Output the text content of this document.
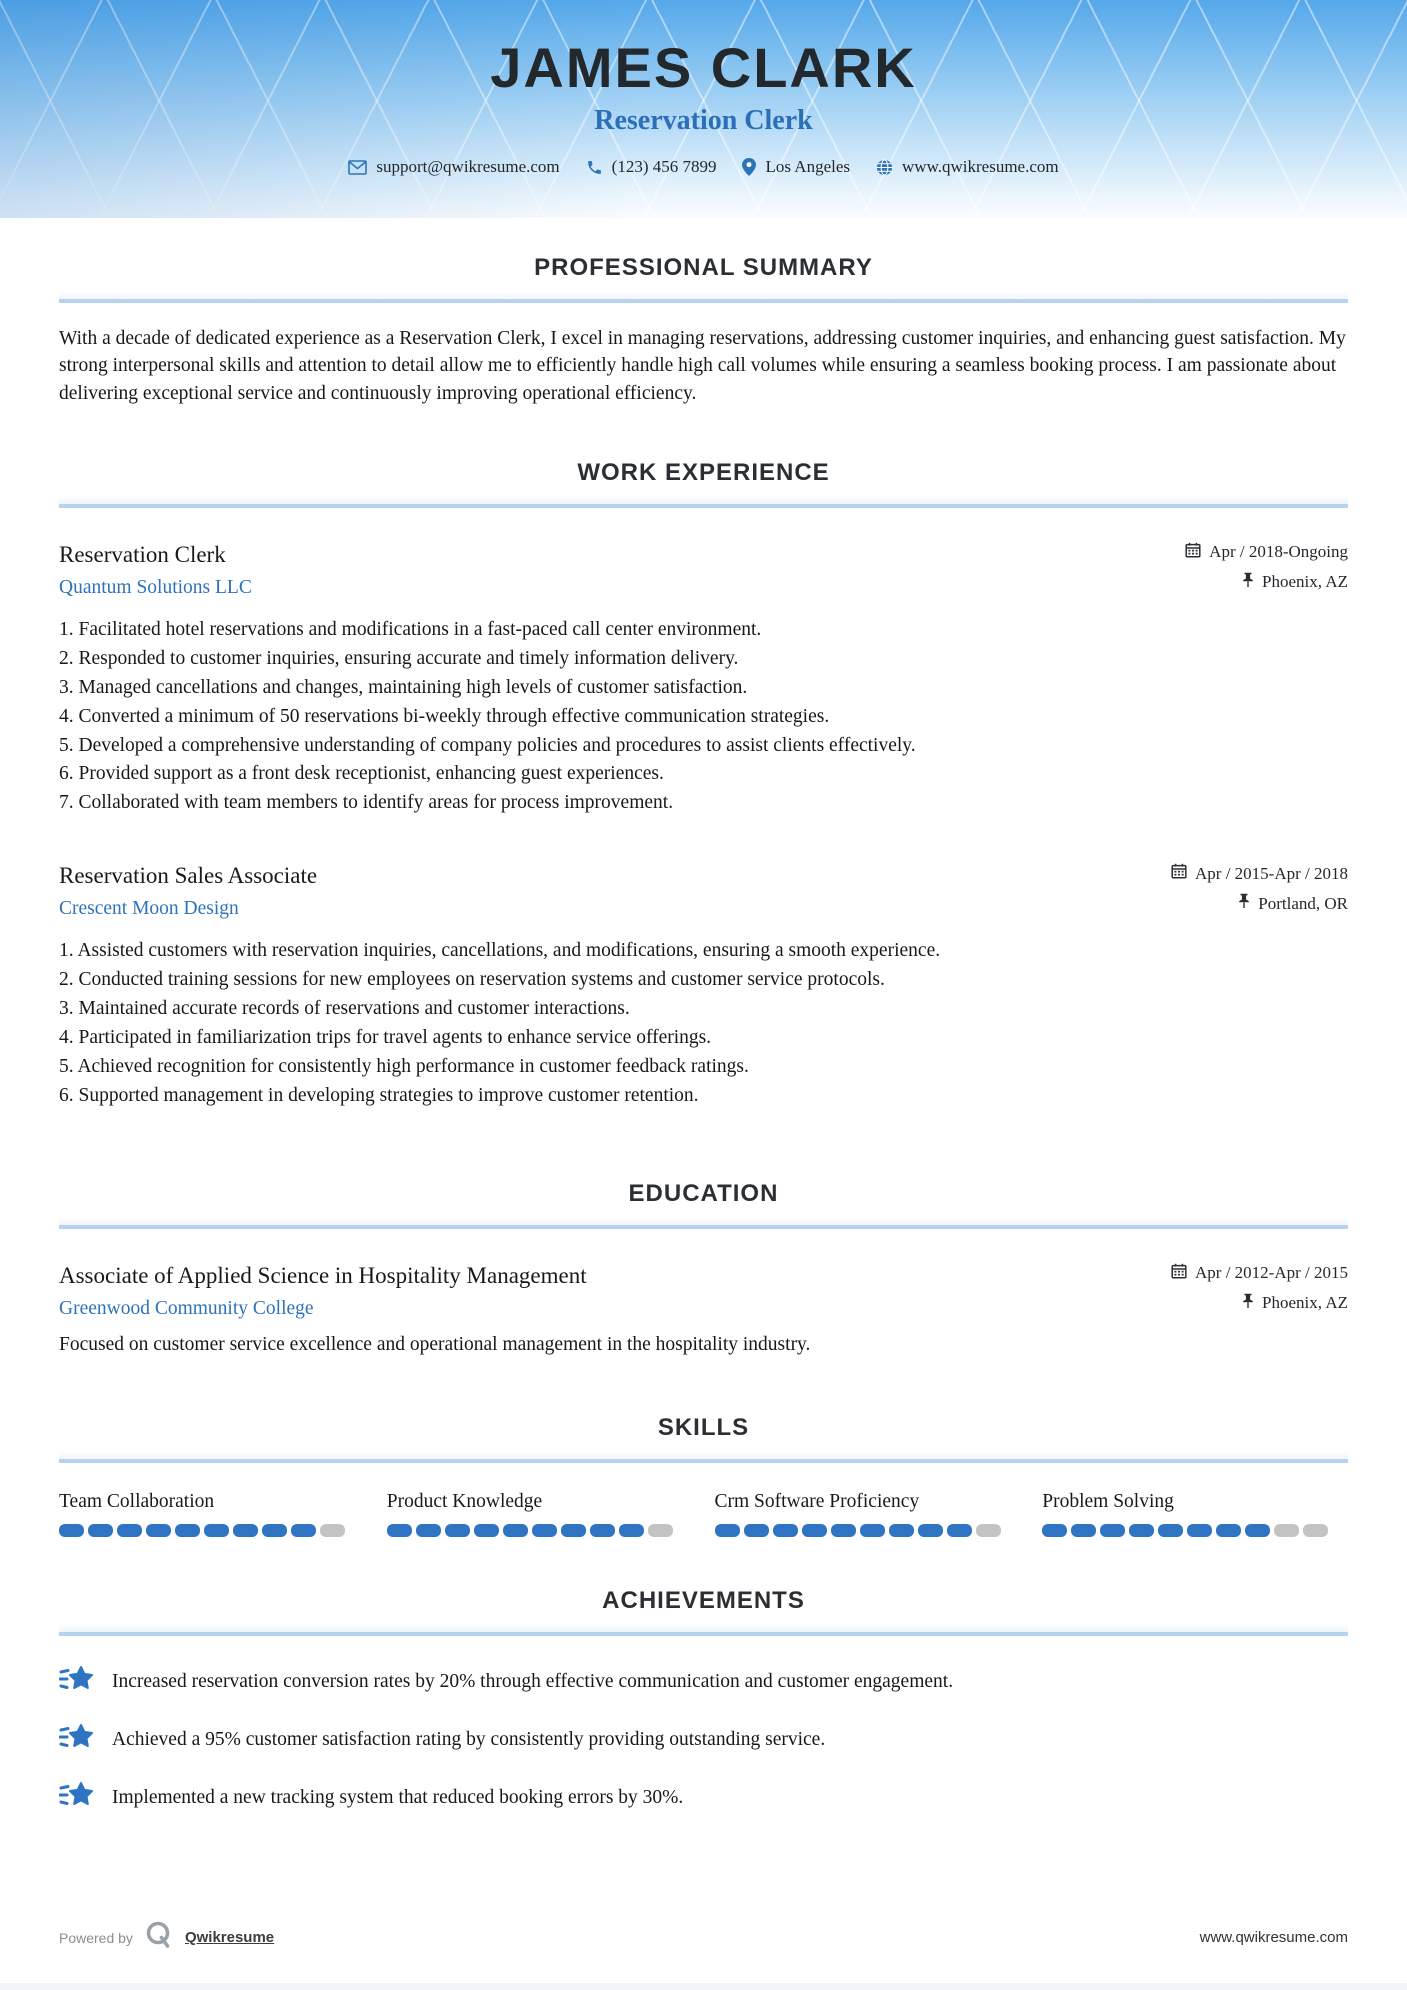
JAMES CLARK
Reservation Clerk
support@qwikresume.com	(123) 456 7899	Los Angeles	www.qwikresume.com
PROFESSIONAL SUMMARY
With a decade of dedicated experience as a Reservation Clerk, I excel in managing reservations, addressing customer inquiries, and enhancing guest satisfaction. My strong interpersonal skills and attention to detail allow me to efficiently handle high call volumes while ensuring a seamless booking process. I am passionate about delivering exceptional service and continuously improving operational efficiency.
WORK EXPERIENCE
Reservation Clerk
Quantum Solutions LLC
Apr / 2018-Ongoing
Phoenix, AZ
Facilitated hotel reservations and modifications in a fast-paced call center environment.
Responded to customer inquiries, ensuring accurate and timely information delivery.
Managed cancellations and changes, maintaining high levels of customer satisfaction.
Converted a minimum of 50 reservations bi-weekly through effective communication strategies.
Developed a comprehensive understanding of company policies and procedures to assist clients effectively.
Provided support as a front desk receptionist, enhancing guest experiences.
Collaborated with team members to identify areas for process improvement.
Reservation Sales Associate
Crescent Moon Design
Apr / 2015-Apr / 2018
Portland, OR
Assisted customers with reservation inquiries, cancellations, and modifications, ensuring a smooth experience.
Conducted training sessions for new employees on reservation systems and customer service protocols.
Maintained accurate records of reservations and customer interactions.
Participated in familiarization trips for travel agents to enhance service offerings.
Achieved recognition for consistently high performance in customer feedback ratings.
Supported management in developing strategies to improve customer retention.
EDUCATION
Associate of Applied Science in Hospitality Management
Greenwood Community College
Apr / 2012-Apr / 2015
Phoenix, AZ
Focused on customer service excellence and operational management in the hospitality industry.
SKILLS
Team Collaboration	Product Knowledge	Crm Software Proficiency	Problem Solving
ACHIEVEMENTS
Increased reservation conversion rates by 20% through effective communication and customer engagement.
Achieved a 95% customer satisfaction rating by consistently providing outstanding service.
Implemented a new tracking system that reduced booking errors by 30%.
Powered by	Qwikresume	www.qwikresume.com
